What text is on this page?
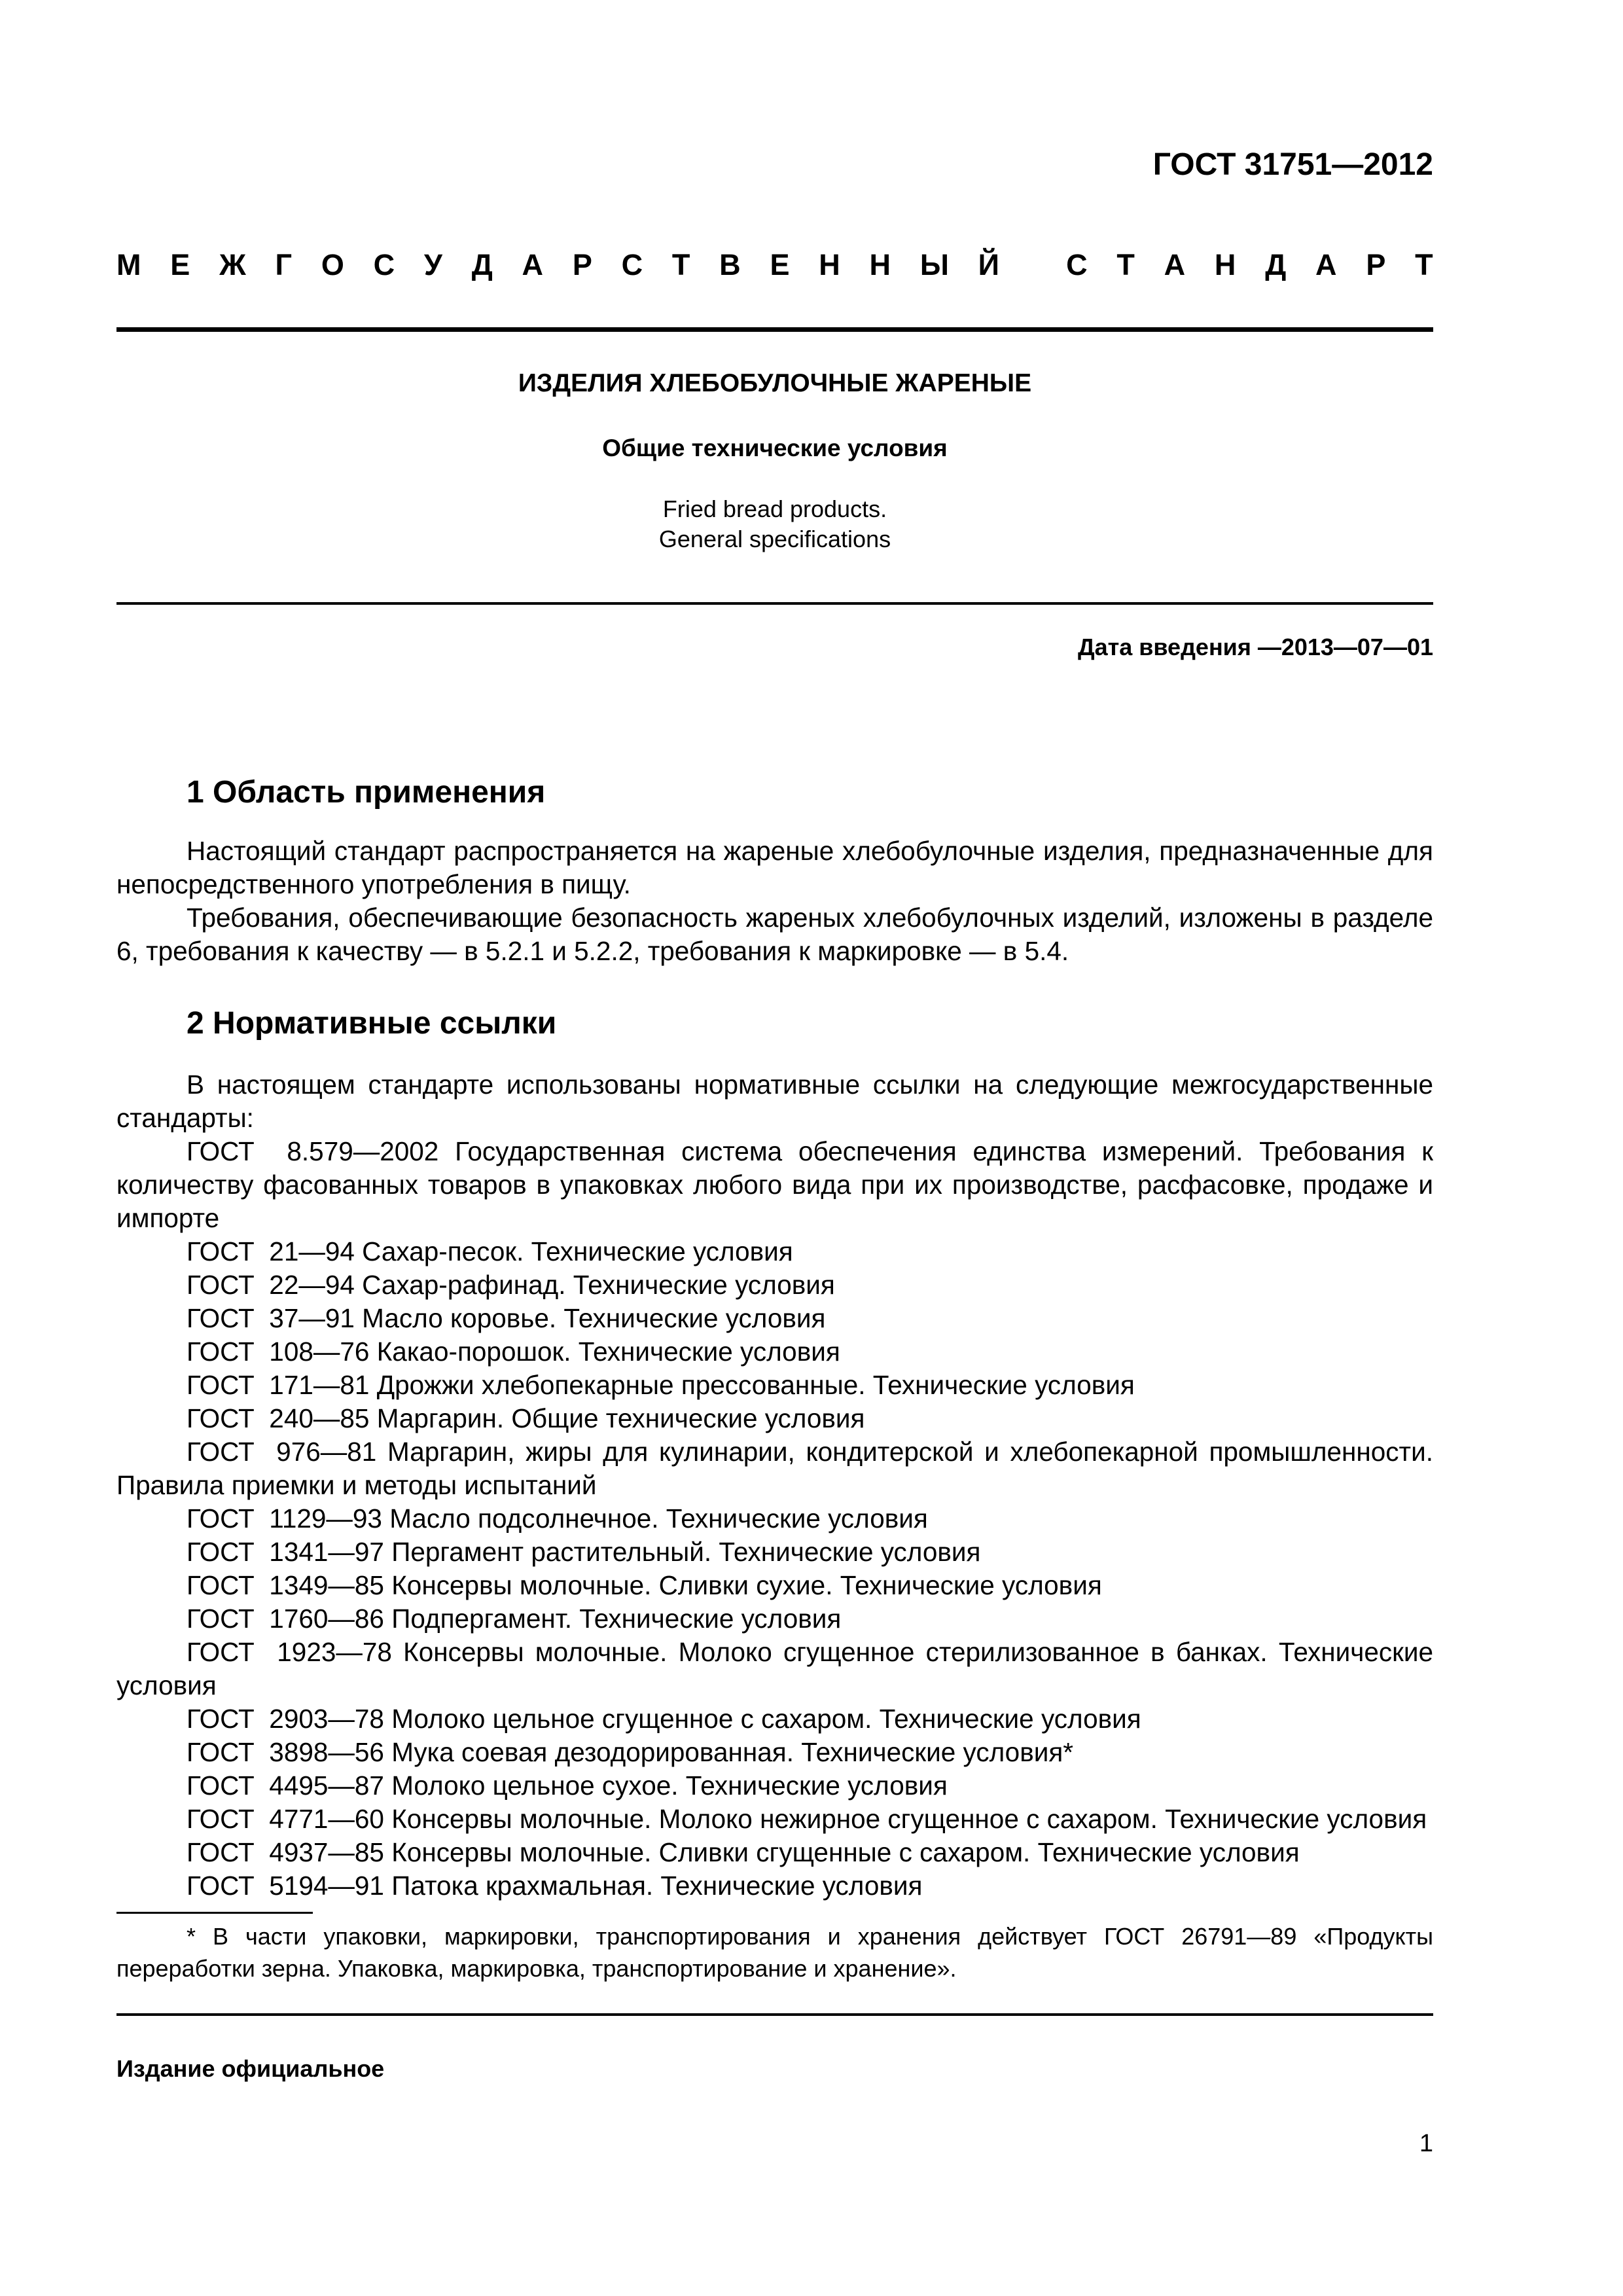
ГОСТ 31751—2012
М Е Ж Г О С У Д А Р С Т В Е Н Н Ы Й
С Т А Н Д А Р Т
ИЗДЕЛИЯ ХЛЕБОБУЛОЧНЫЕ ЖАРЕНЫЕ
Общие технические условия
Fried bread products.
General specifications
Дата введения —2013—07—01
1 Область применения

Настоящий стандарт распространяется на жареные хлебобулочные изделия, предназначенные для непосредственного употребления в пищу.

Требования, обеспечивающие безопасность жареных хлебобулочных изделий, изложены в разделе 6, требования к качеству — в 5.2.1 и 5.2.2, требования к маркировке — в 5.4.

2 Нормативные ссылки

В настоящем стандарте использованы нормативные ссылки на следующие межгосударственные стандарты:

ГОСТ  8.579—2002 Государственная система обеспечения единства измерений. Требования к количеству фасованных товаров в упаковках любого вида при их производстве, расфасовке, продаже и импорте

ГОСТ  21—94 Сахар-песок. Технические условия

ГОСТ  22—94 Сахар-рафинад. Технические условия

ГОСТ  37—91 Масло коровье. Технические условия

ГОСТ  108—76 Какао-порошок. Технические условия

ГОСТ  171—81 Дрожжи хлебопекарные прессованные. Технические условия

ГОСТ  240—85 Маргарин. Общие технические условия

ГОСТ  976—81 Маргарин, жиры для кулинарии, кондитерской и хлебопекарной промышленности. Правила приемки и методы испытаний

ГОСТ  1129—93 Масло подсолнечное. Технические условия

ГОСТ  1341—97 Пергамент растительный. Технические условия

ГОСТ  1349—85 Консервы молочные. Сливки сухие. Технические условия

ГОСТ  1760—86 Подпергамент. Технические условия

ГОСТ  1923—78 Консервы молочные. Молоко сгущенное стерилизованное в банках. Технические условия

ГОСТ  2903—78 Молоко цельное сгущенное с сахаром. Технические условия

ГОСТ  3898—56 Мука соевая дезодорированная. Технические условия*

ГОСТ  4495—87 Молоко цельное сухое. Технические условия

ГОСТ  4771—60 Консервы молочные. Молоко нежирное сгущенное с сахаром. Технические условия

ГОСТ  4937—85 Консервы молочные. Сливки сгущенные с сахаром. Технические условия

ГОСТ  5194—91 Патока крахмальная. Технические условия

* В части упаковки, маркировки, транспортирования и хранения действует ГОСТ 26791—89 «Продукты переработки зерна. Упаковка, маркировка, транспортирование и хранение».

Издание официальное
1
